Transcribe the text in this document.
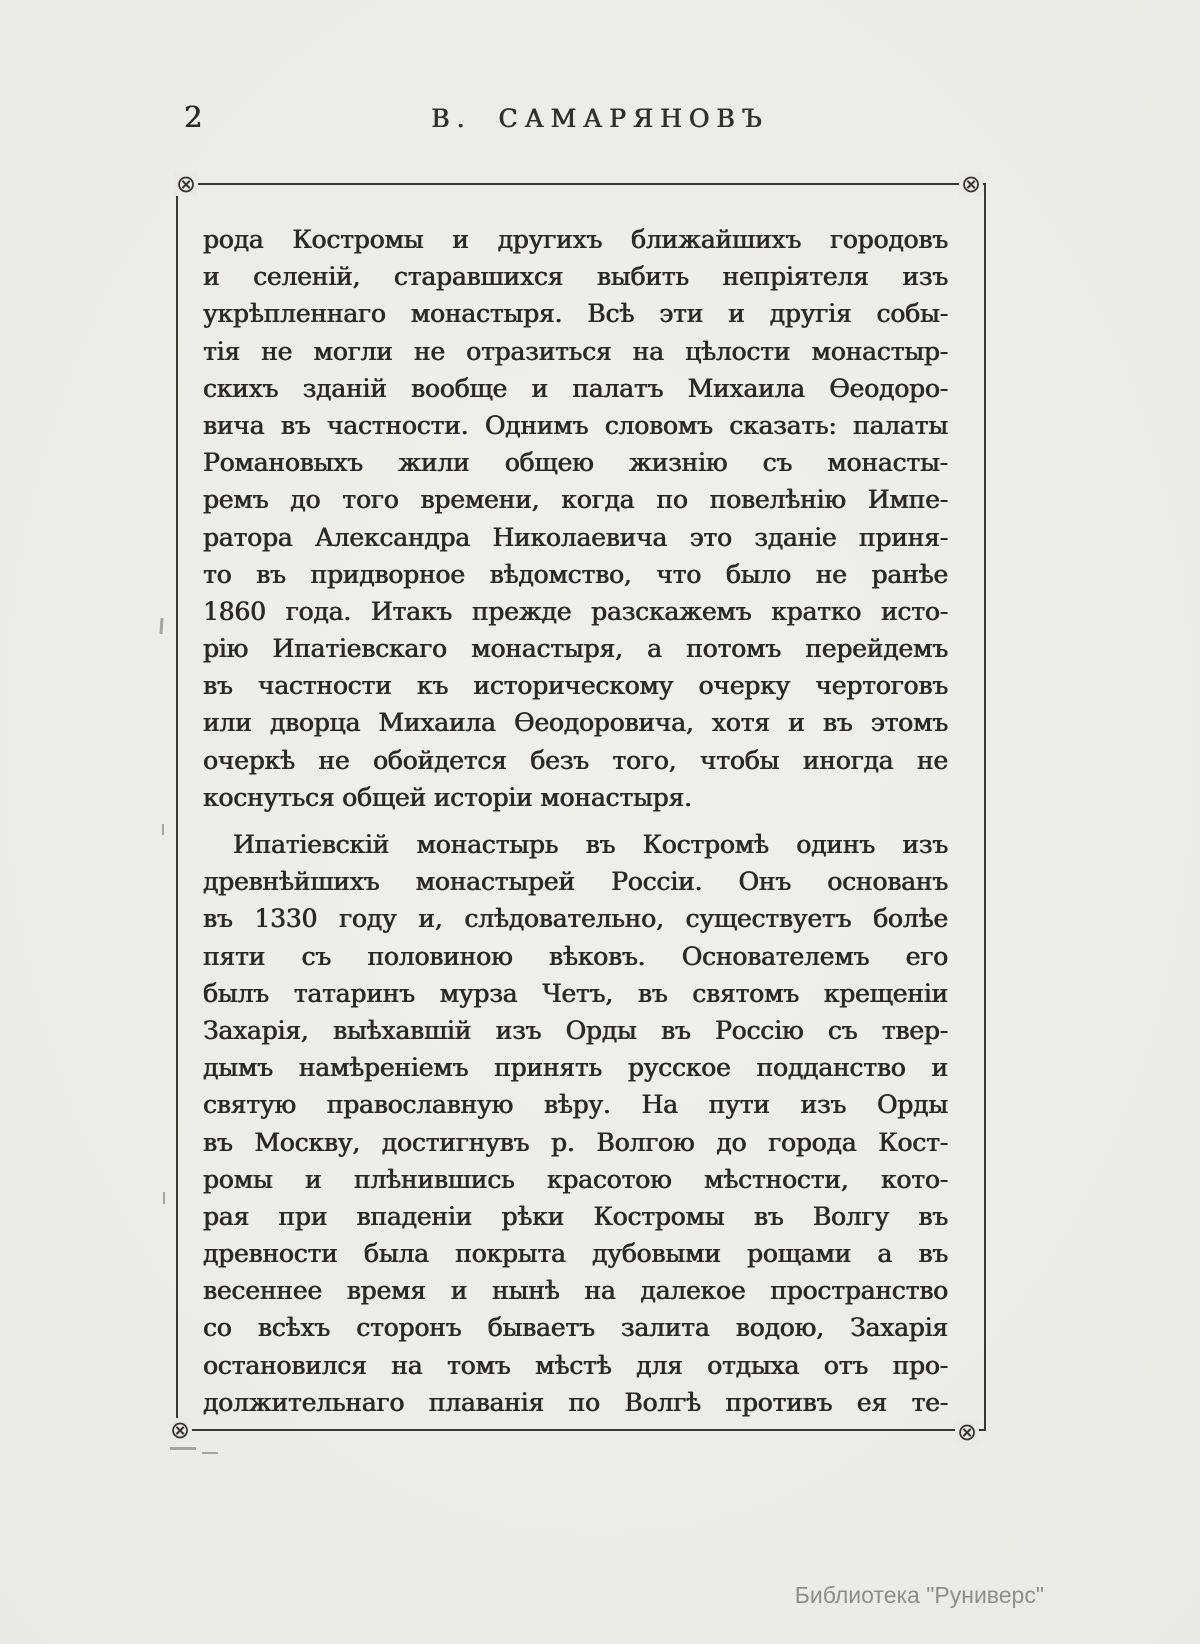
2	В. САМАРЯНОВЪ
⊗	⊗
⊗	⊗
рода Костромы и другихъ ближайшихъ городовъ
и селеній, старавшихся выбить непріятеля изъ
укрѣпленнаго монастыря. Всѣ эти и другія собы-
тія не могли не отразиться на цѣлости монастыр-
скихъ зданій вообще и палатъ Михаила Ѳеодоро-
вича въ частности. Однимъ словомъ сказать: палаты
Романовыхъ жили общею жизнію съ монасты-
ремъ до того времени, когда по повелѣнію Импе-
ратора Александра Николаевича это зданіе приня-
то въ придворное вѣдомство, что было не ранѣе
1860 года. Итакъ прежде разскажемъ кратко исто-
рію Ипатіевскаго монастыря, а потомъ перейдемъ
въ частности къ историческому очерку чертоговъ
или дворца Михаила Ѳеодоровича, хотя и въ этомъ
очеркѣ не обойдется безъ того, чтобы иногда не
коснуться общей исторіи монастыря.
Ипатіевскій монастырь въ Костромѣ одинъ изъ
древнѣйшихъ монастырей Россіи. Онъ основанъ
въ 1330 году и, слѣдовательно, существуетъ болѣе
пяти съ половиною вѣковъ. Основателемъ его
былъ татаринъ мурза Четъ, въ святомъ крещеніи
Захарія, выѣхавшій изъ Орды въ Россію съ твер-
дымъ намѣреніемъ принять русское подданство и
святую православную вѣру. На пути изъ Орды
въ Москву, достигнувъ р. Волгою до города Кост-
ромы и плѣнившись красотою мѣстности, кото-
рая при впаденіи рѣки Костромы въ Волгу въ
древности была покрыта дубовыми рощами а въ
весеннее время и нынѣ на далекое пространство
со всѣхъ сторонъ бываетъ залита водою, Захарія
остановился на томъ мѣстѣ для отдыха отъ про-
должительнаго плаванія по Волгѣ противъ ея те-
Библиотека "Руниверс"
